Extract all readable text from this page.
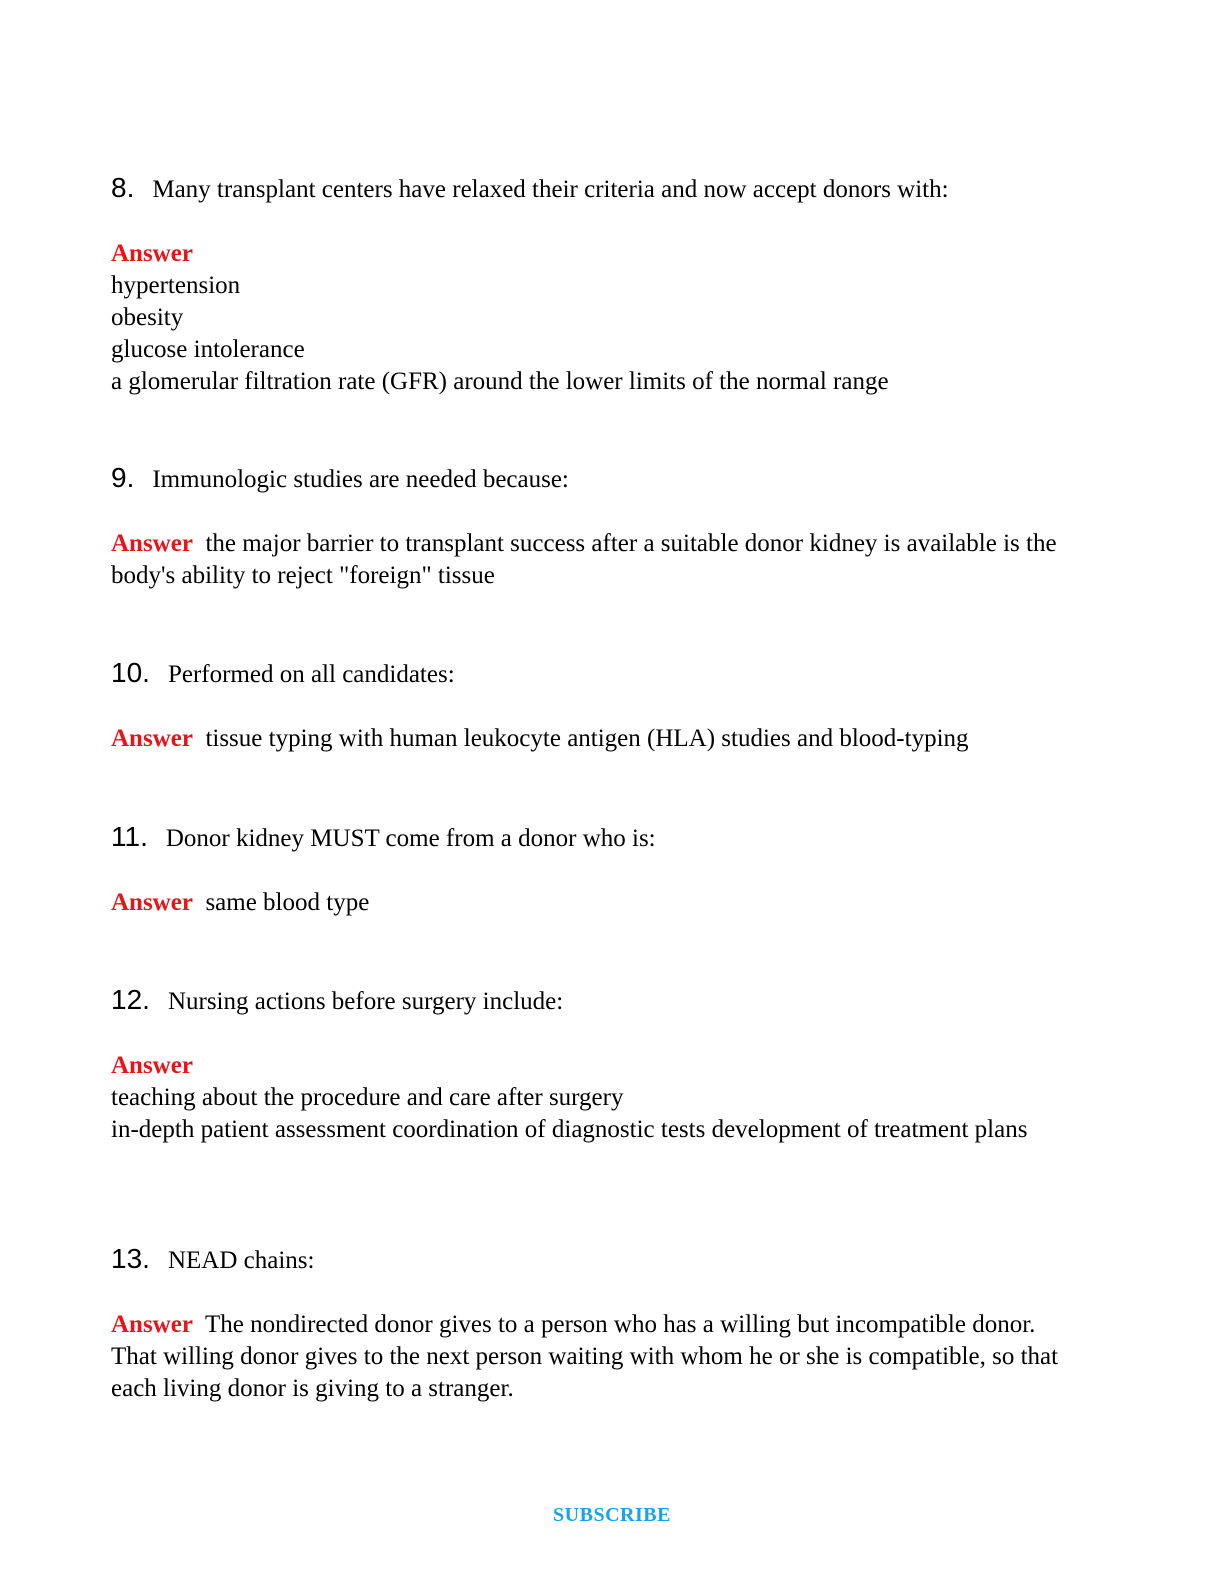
8. Many transplant centers have relaxed their criteria and now accept donors with:
Answer
hypertension
obesity
glucose intolerance
a glomerular filtration rate (GFR) around the lower limits of the normal range
9. Immunologic studies are needed because:
Answer the major barrier to transplant success after a suitable donor kidney is available is the body's ability to reject "foreign" tissue
10. Performed on all candidates:
Answer tissue typing with human leukocyte antigen (HLA) studies and blood-typing
11. Donor kidney MUST come from a donor who is:
Answer same blood type
12. Nursing actions before surgery include:
Answer
teaching about the procedure and care after surgery
in-depth patient assessment coordination of diagnostic tests development of treatment plans
13. NEAD chains:
Answer The nondirected donor gives to a person who has a willing but incompatible donor. That willing donor gives to the next person waiting with whom he or she is compatible, so that each living donor is giving to a stranger.
SUBSCRIBE
